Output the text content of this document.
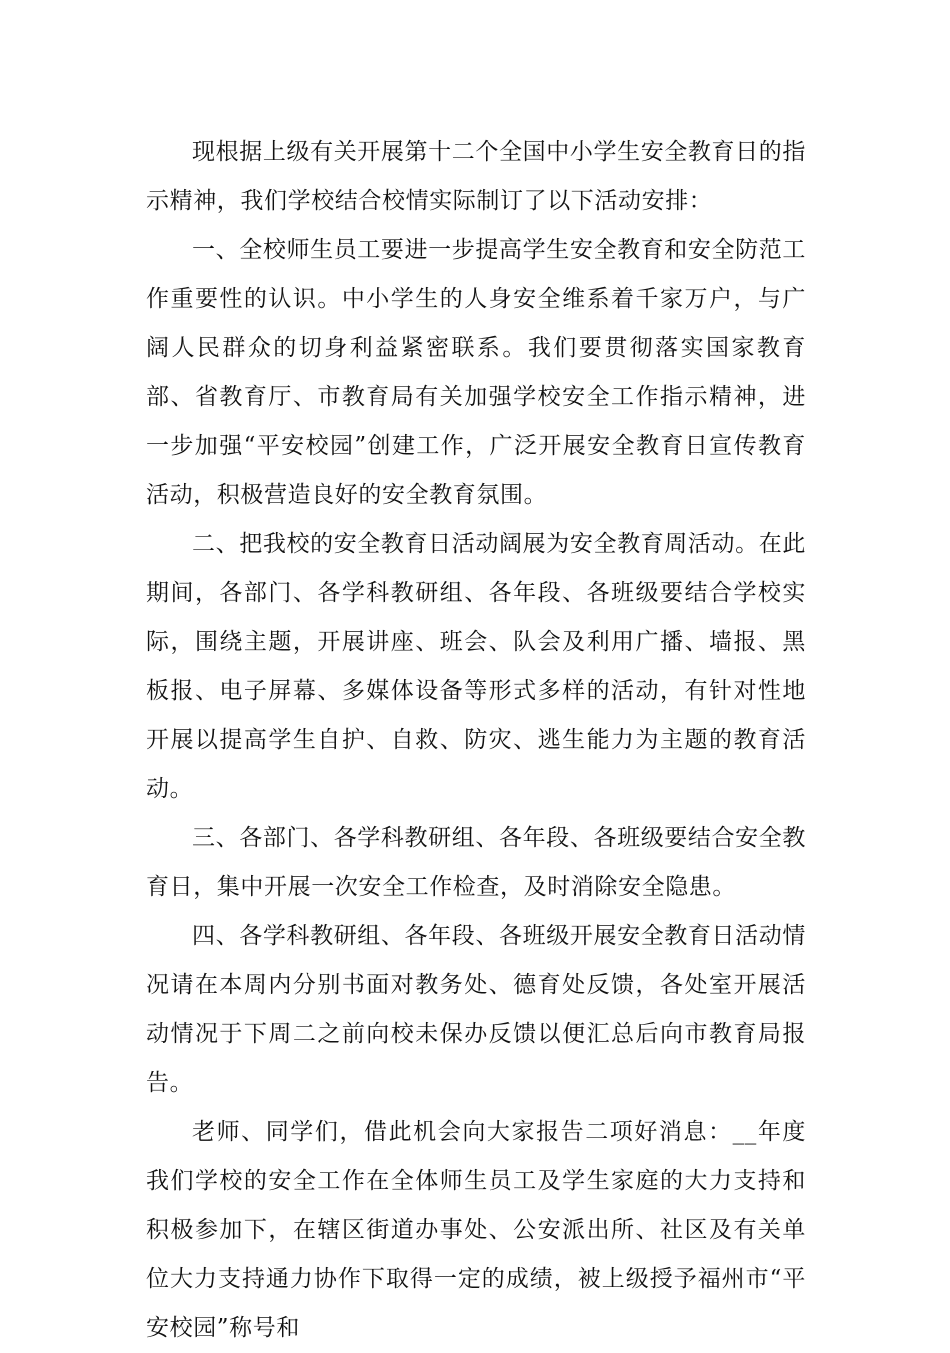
现根据上级有关开展第十二个全国中小学生安全教育日的指示精神，我们学校结合校情实际制订了以下活动安排：

一、全校师生员工要进一步提高学生安全教育和安全防范工作重要性的认识。中小学生的人身安全维系着千家万户，与广阔人民群众的切身利益紧密联系。我们要贯彻落实国家教育部、省教育厅、市教育局有关加强学校安全工作指示精神，进一步加强“平安校园”创建工作，广泛开展安全教育日宣传教育活动，积极营造良好的安全教育氛围。

二、把我校的安全教育日活动阔展为安全教育周活动。在此期间，各部门、各学科教研组、各年段、各班级要结合学校实际，围绕主题，开展讲座、班会、队会及利用广播、墙报、黑板报、电子屏幕、多媒体设备等形式多样的活动，有针对性地开展以提高学生自护、自救、防灾、逃生能力为主题的教育活动。

三、各部门、各学科教研组、各年段、各班级要结合安全教育日，集中开展一次安全工作检查，及时消除安全隐患。

四、各学科教研组、各年段、各班级开展安全教育日活动情况请在本周内分别书面对教务处、德育处反馈，各处室开展活动情况于下周二之前向校未保办反馈以便汇总后向市教育局报告。

老师、同学们，借此机会向大家报告二项好消息：__年度我们学校的安全工作在全体师生员工及学生家庭的大力支持和积极参加下，在辖区街道办事处、公安派出所、社区及有关单位大力支持通力协作下取得一定的成绩，被上级授予福州市“平安校园”称号和
